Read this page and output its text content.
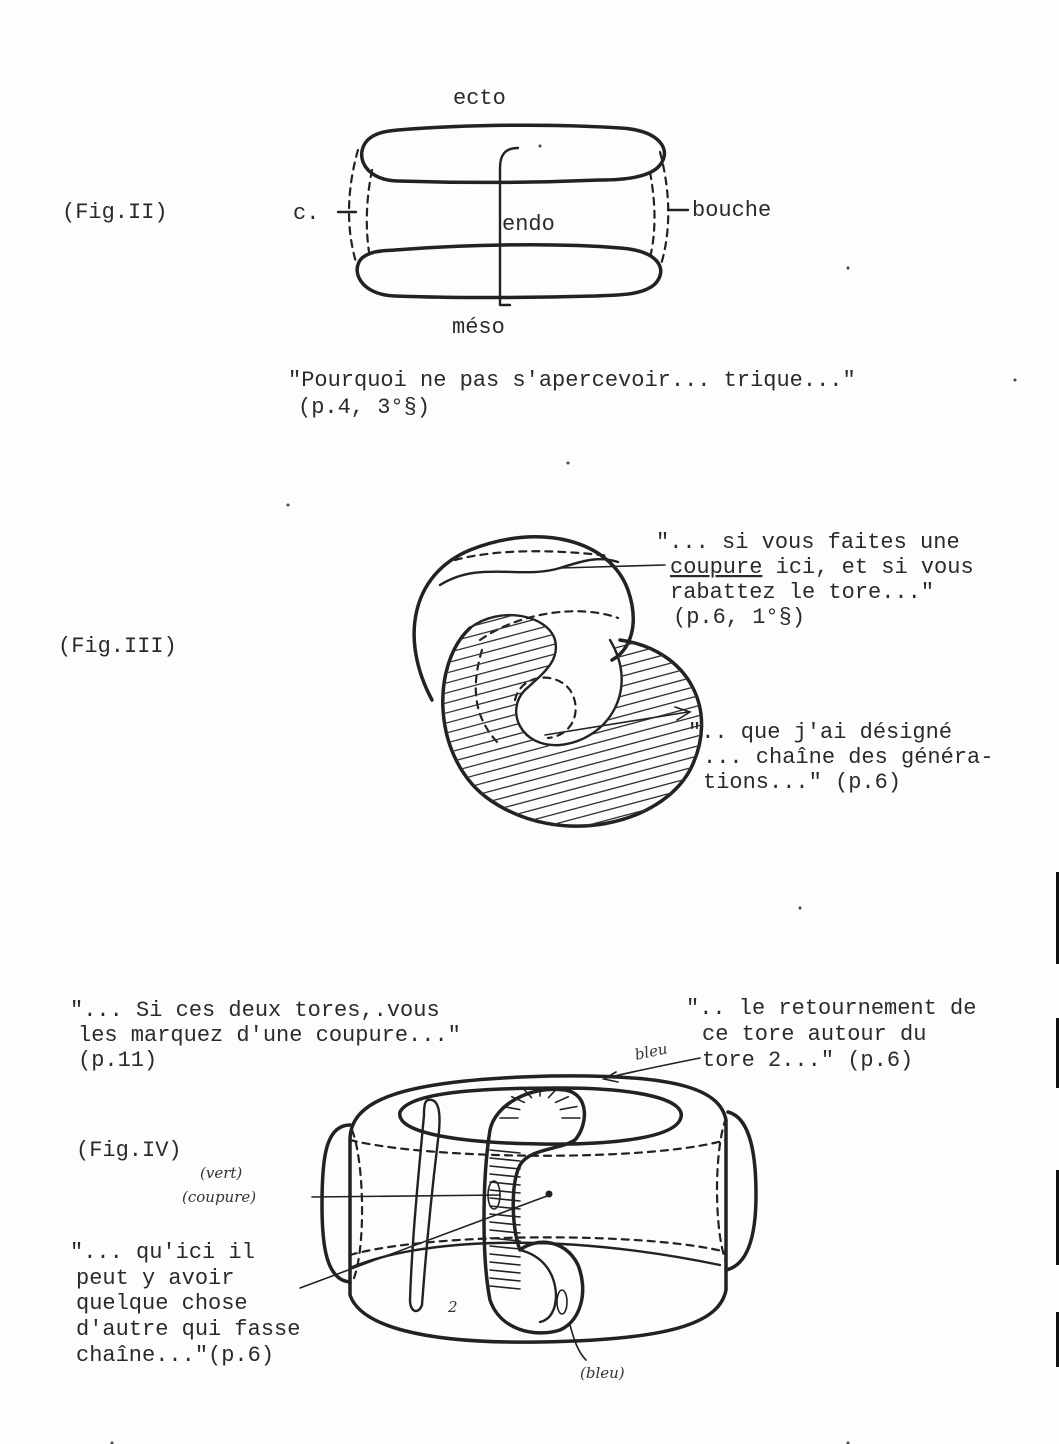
(Fig.II)
ecto
méso
endo
c.	bouche
"Pourquoi ne pas s'apercevoir... trique..."
(p.4, 3°§)
(Fig.III)
"... si vous faites une
coupure ici, et si vous
rabattez le tore..."
(p.6, 1°§)
".. que j'ai désigné
... chaîne des généra-
tions..." (p.6)
"... Si ces deux tores,.vous
les marquez d'une coupure..."
(p.11)
".. le retournement de
ce tore autour du
tore 2..." (p.6)
(Fig.IV)
"... qu'ici il
peut y avoir
quelque chose
d'autre qui fasse
chaîne..."(p.6)
bleu
(vert)
(coupure)
(bleu)
2
